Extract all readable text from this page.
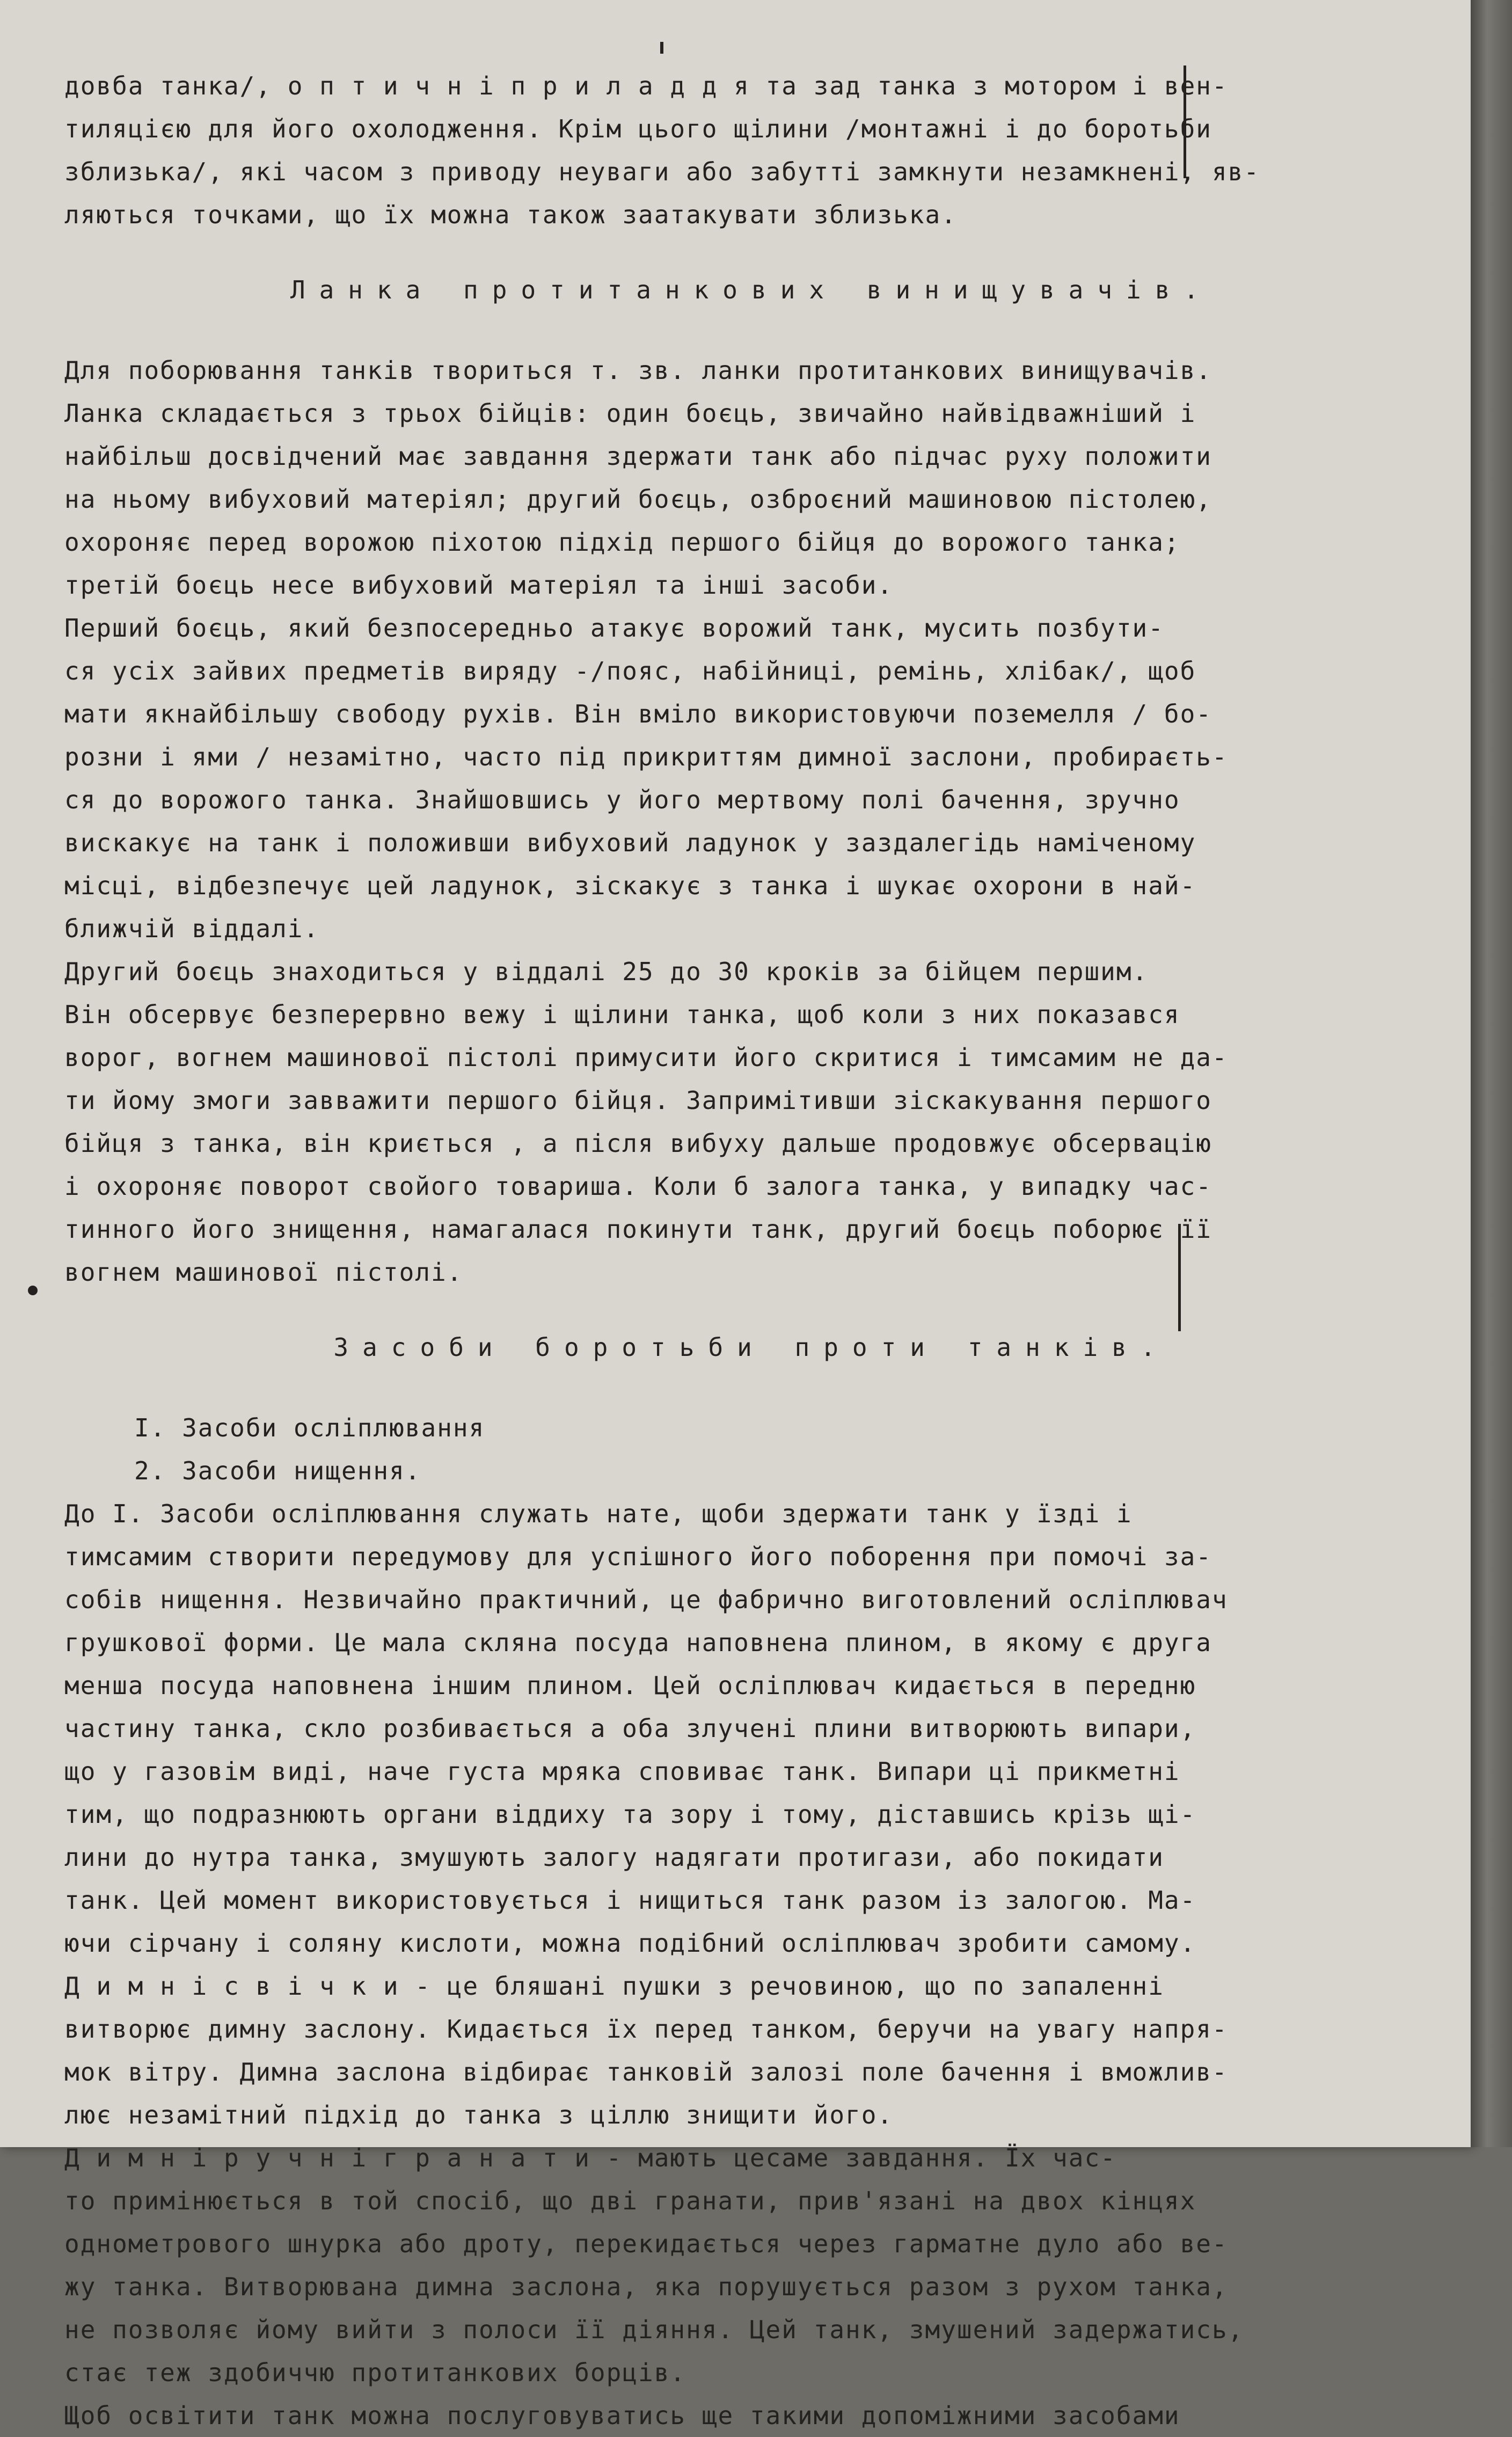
довба танка/, о п т и ч н і п р и л а д д я та зад танка з мотором і вен-
тиляцією для його охолодження. Крім цього щілини /монтажні і до боротьби
зблизька/, які часом з приводу неуваги або забутті замкнути незамкнені, яв-
ляються точками, що їх можна також заатакувати зблизька.
Ланка протитанкових винищувачів.
Для поборювання танків твориться т. зв. ланки протитанкових винищувачів.
Ланка складається з трьох бійців: один боєць, звичайно найвідважніший і
найбільш досвідчений має завдання здержати танк або підчас руху положити
на ньому вибуховий матеріял; другий боєць, озброєний машиновою пістолею,
охороняє перед ворожою піхотою підхід першого бійця до ворожого танка;
третій боєць несе вибуховий матеріял та інші засоби.
Перший боєць, який безпосередньо атакує ворожий танк, мусить позбути-
ся усіх зайвих предметів виряду -/пояс, набійниці, ремінь, хлібак/, щоб
мати якнайбільшу свободу рухів. Він вміло використовуючи поземелля / бо-
розни і ями / незамітно, часто під прикриттям димної заслони, пробираєть-
ся до ворожого танка. Знайшовшись у його мертвому полі бачення, зручно
вискакує на танк і положивши вибуховий ладунок у заздалегідь наміченому
місці, відбезпечує цей ладунок, зіскакує з танка і шукає охорони в най-
ближчій віддалі.
Другий боєць знаходиться у віддалі 25 до 30 кроків за бійцем першим.
Він обсервує безперервно вежу і щілини танка, щоб коли з них показався
ворог, вогнем машинової пістолі примусити його скритися і тимсамим не да-
ти йому змоги завважити першого бійця. Запримітивши зіскакування першого
бійця з танка, він криється , а після вибуху дальше продовжує обсервацію
і охороняє поворот свойого товариша. Коли б залога танка, у випадку час-
тинного його знищення, намагалася покинути танк, другий боєць поборює її
вогнем машинової пістолі.
Засоби боротьби проти танків.
I. Засоби осліплювання
2. Засоби нищення.
До I. Засоби осліплювання служать нате, щоби здержати танк у їзді і
тимсамим створити передумову для успішного його поборення при помочі за-
собів нищення. Незвичайно практичний, це фабрично виготовлений осліплювач
грушкової форми. Це мала скляна посуда наповнена плином, в якому є друга
менша посуда наповнена іншим плином. Цей осліплювач кидається в передню
частину танка, скло розбивається а оба злучені плини витворюють випари,
що у газовім виді, наче густа мряка сповиває танк. Випари ці прикметні
тим, що подразнюють органи віддиху та зору і тому, діставшись крізь щі-
лини до нутра танка, змушують залогу надягати протигази, або покидати
танк. Цей момент використовується і нищиться танк разом із залогою. Ма-
ючи сірчану і соляну кислоти, можна подібний осліплювач зробити самому.
Д и м н і с в і ч к и - це бляшані пушки з речовиною, що по запаленні
витворює димну заслону. Кидається їх перед танком, беручи на увагу напря-
мок вітру. Димна заслона відбирає танковій залозі поле бачення і вможлив-
лює незамітний підхід до танка з ціллю знищити його.
Д и м н і р у ч н і г р а н а т и - мають цесаме завдання. Їх час-
то примінюється в той спосіб, що дві гранати, прив'язані на двох кінцях
однометрового шнурка або дроту, перекидається через гарматне дуло або ве-
жу танка. Витворювана димна заслона, яка порушується разом з рухом танка,
не позволяє йому вийти з полоси її діяння. Цей танк, змушений задержатись,
стає теж здобиччю протитанкових борців.
Щоб освітити танк можна послуговуватись ще такими допоміжними засобами
